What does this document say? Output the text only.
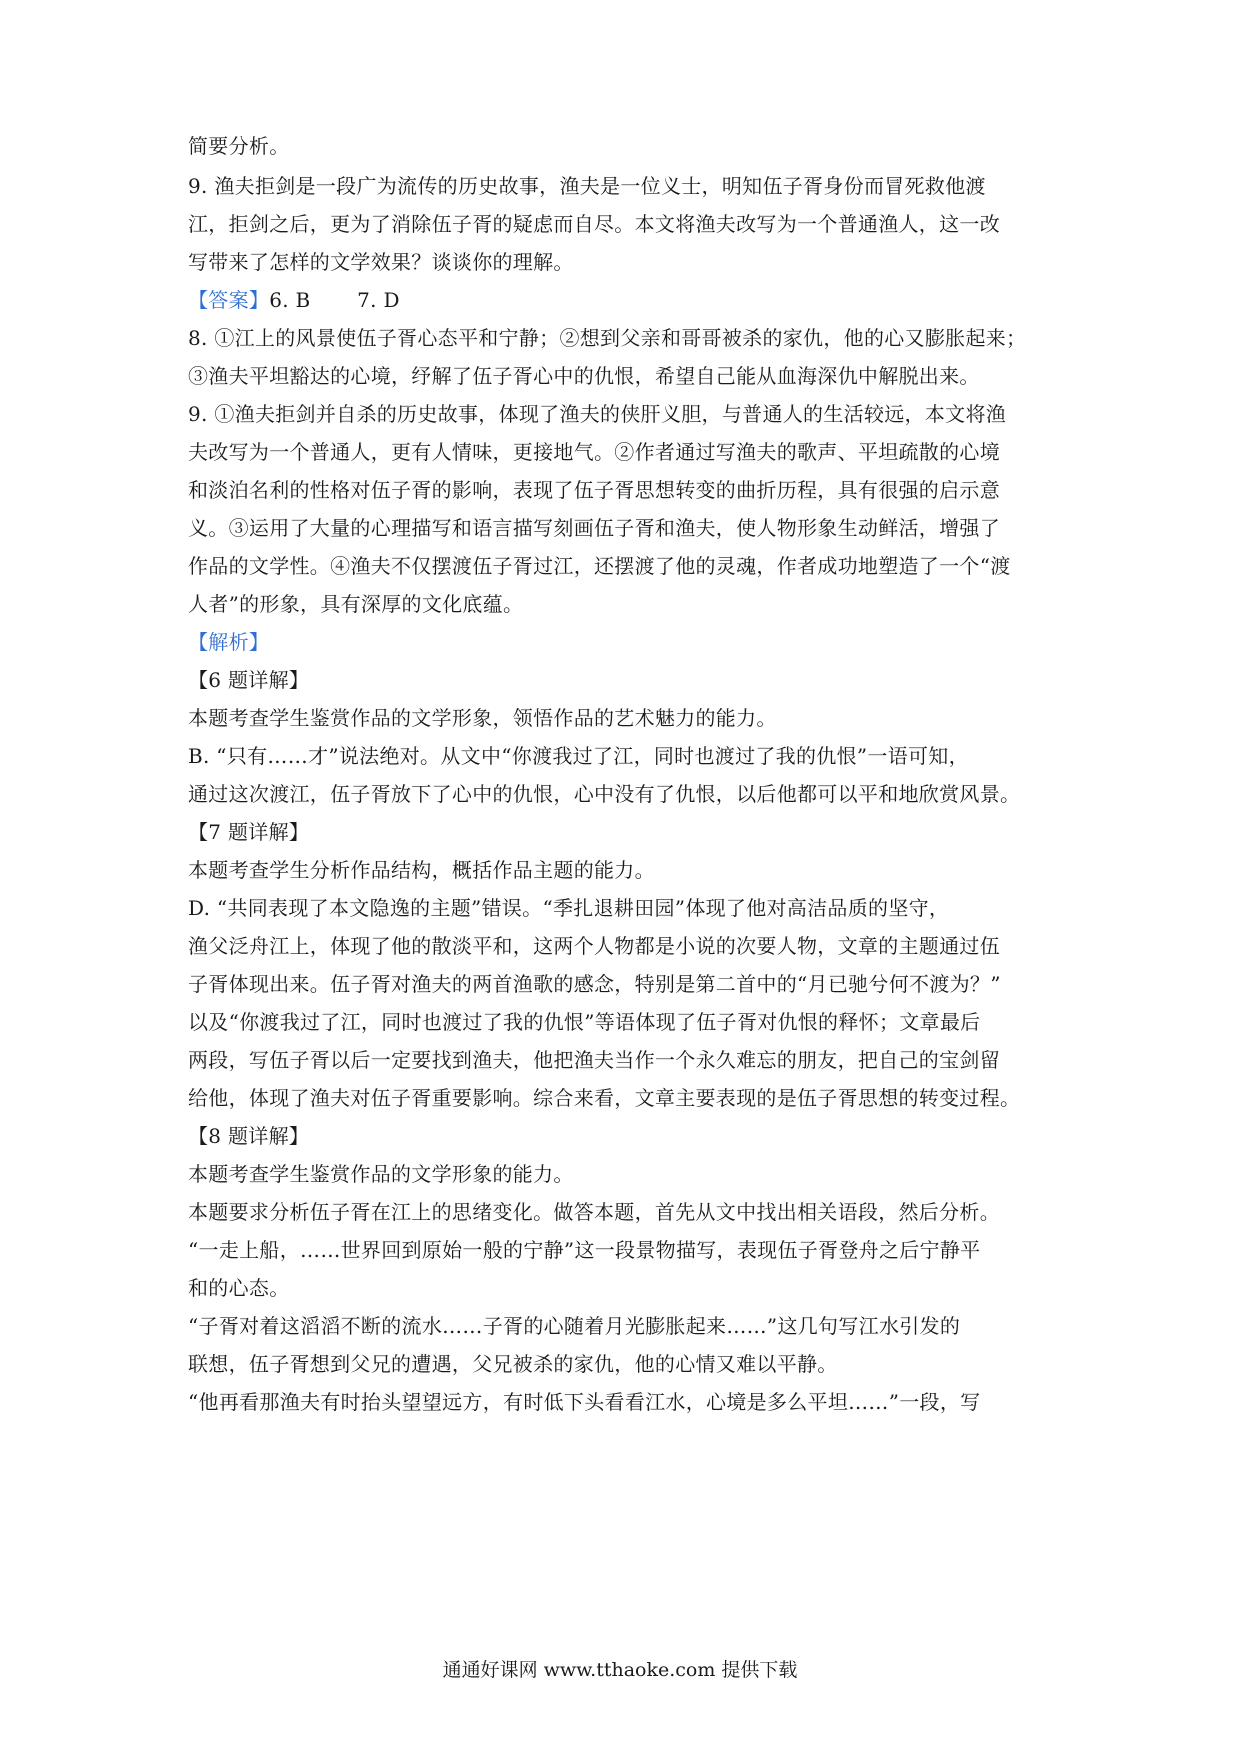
简要分析。
9. 渔夫拒剑是一段广为流传的历史故事，渔夫是一位义士，明知伍子胥身份而冒死救他渡
江，拒剑之后，更为了消除伍子胥的疑虑而自尽。本文将渔夫改写为一个普通渔人，这一改
写带来了怎样的文学效果？谈谈你的理解。
【答案】6. B       7. D
8. ①江上的风景使伍子胥心态平和宁静；②想到父亲和哥哥被杀的家仇，他的心又膨胀起来；
③渔夫平坦豁达的心境，纾解了伍子胥心中的仇恨，希望自己能从血海深仇中解脱出来。
9. ①渔夫拒剑并自杀的历史故事，体现了渔夫的侠肝义胆，与普通人的生活较远，本文将渔
夫改写为一个普通人，更有人情味，更接地气。②作者通过写渔夫的歌声、平坦疏散的心境
和淡泊名利的性格对伍子胥的影响，表现了伍子胥思想转变的曲折历程，具有很强的启示意
义。③运用了大量的心理描写和语言描写刻画伍子胥和渔夫，使人物形象生动鲜活，增强了
作品的文学性。④渔夫不仅摆渡伍子胥过江，还摆渡了他的灵魂，作者成功地塑造了一个“渡
人者”的形象，具有深厚的文化底蕴。
【解析】
【6 题详解】
本题考查学生鉴赏作品的文学形象，领悟作品的艺术魅力的能力。
B. “只有……才”说法绝对。从文中“你渡我过了江，同时也渡过了我的仇恨”一语可知，
通过这次渡江，伍子胥放下了心中的仇恨，心中没有了仇恨，以后他都可以平和地欣赏风景。
【7 题详解】
本题考查学生分析作品结构，概括作品主题的能力。
D. “共同表现了本文隐逸的主题”错误。“季扎退耕田园”体现了他对高洁品质的坚守，
渔父泛舟江上，体现了他的散淡平和，这两个人物都是小说的次要人物，文章的主题通过伍
子胥体现出来。伍子胥对渔夫的两首渔歌的感念，特别是第二首中的“月已驰兮何不渡为？”
以及“你渡我过了江，同时也渡过了我的仇恨”等语体现了伍子胥对仇恨的释怀；文章最后
两段，写伍子胥以后一定要找到渔夫，他把渔夫当作一个永久难忘的朋友，把自己的宝剑留
给他，体现了渔夫对伍子胥重要影响。综合来看，文章主要表现的是伍子胥思想的转变过程。
【8 题详解】
本题考查学生鉴赏作品的文学形象的能力。
本题要求分析伍子胥在江上的思绪变化。做答本题，首先从文中找出相关语段，然后分析。
“一走上船，……世界回到原始一般的宁静”这一段景物描写，表现伍子胥登舟之后宁静平
和的心态。
“子胥对着这滔滔不断的流水……子胥的心随着月光膨胀起来……”这几句写江水引发的
联想，伍子胥想到父兄的遭遇，父兄被杀的家仇，他的心情又难以平静。
“他再看那渔夫有时抬头望望远方，有时低下头看看江水，心境是多么平坦……”一段，写
通通好课网 www.tthaoke.com 提供下载
